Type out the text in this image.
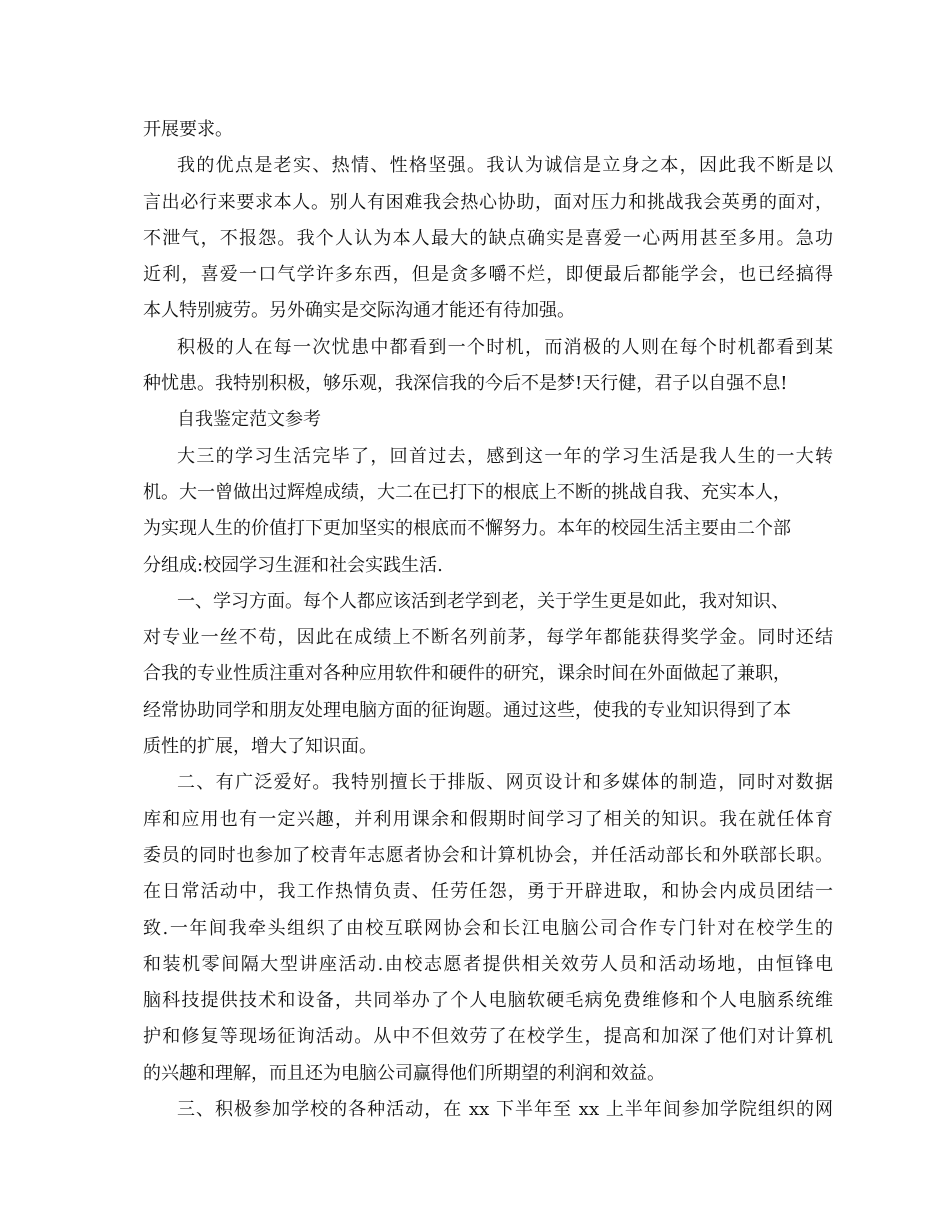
开展要求。
我的优点是老实、热情、性格坚强。我认为诚信是立身之本，因此我不断是以
言出必行来要求本人。别人有困难我会热心协助，面对压力和挑战我会英勇的面对，
不泄气，不报怨。我个人认为本人最大的缺点确实是喜爱一心两用甚至多用。急功
近利，喜爱一口气学许多东西，但是贪多嚼不烂，即便最后都能学会，也已经搞得
本人特别疲劳。另外确实是交际沟通才能还有待加强。
积极的人在每一次忧患中都看到一个时机，而消极的人则在每个时机都看到某
种忧患。我特别积极，够乐观，我深信我的今后不是梦!天行健，君子以自强不息!
自我鉴定范文参考
大三的学习生活完毕了，回首过去，感到这一年的学习生活是我人生的一大转
机。大一曾做出过辉煌成绩，大二在已打下的根底上不断的挑战自我、充实本人，
为实现人生的价值打下更加坚实的根底而不懈努力。本年的校园生活主要由二个部
分组成:校园学习生涯和社会实践生活.
一、学习方面。每个人都应该活到老学到老，关于学生更是如此，我对知识、
对专业一丝不苟，因此在成绩上不断名列前茅，每学年都能获得奖学金。同时还结
合我的专业性质注重对各种应用软件和硬件的研究，课余时间在外面做起了兼职，
经常协助同学和朋友处理电脑方面的征询题。通过这些，使我的专业知识得到了本
质性的扩展，增大了知识面。
二、有广泛爱好。我特别擅长于排版、网页设计和多媒体的制造，同时对数据
库和应用也有一定兴趣，并利用课余和假期时间学习了相关的知识。我在就任体育
委员的同时也参加了校青年志愿者协会和计算机协会，并任活动部长和外联部长职。
在日常活动中，我工作热情负责、任劳任怨，勇于开辟进取，和协会内成员团结一
致.一年间我牵头组织了由校互联网协会和长江电脑公司合作专门针对在校学生的
和装机零间隔大型讲座活动.由校志愿者提供相关效劳人员和活动场地，由恒锋电
脑科技提供技术和设备，共同举办了个人电脑软硬毛病免费维修和个人电脑系统维
护和修复等现场征询活动。从中不但效劳了在校学生，提高和加深了他们对计算机
的兴趣和理解，而且还为电脑公司赢得他们所期望的利润和效益。
三、积极参加学校的各种活动，在 xx 下半年至 xx 上半年间参加学院组织的网
